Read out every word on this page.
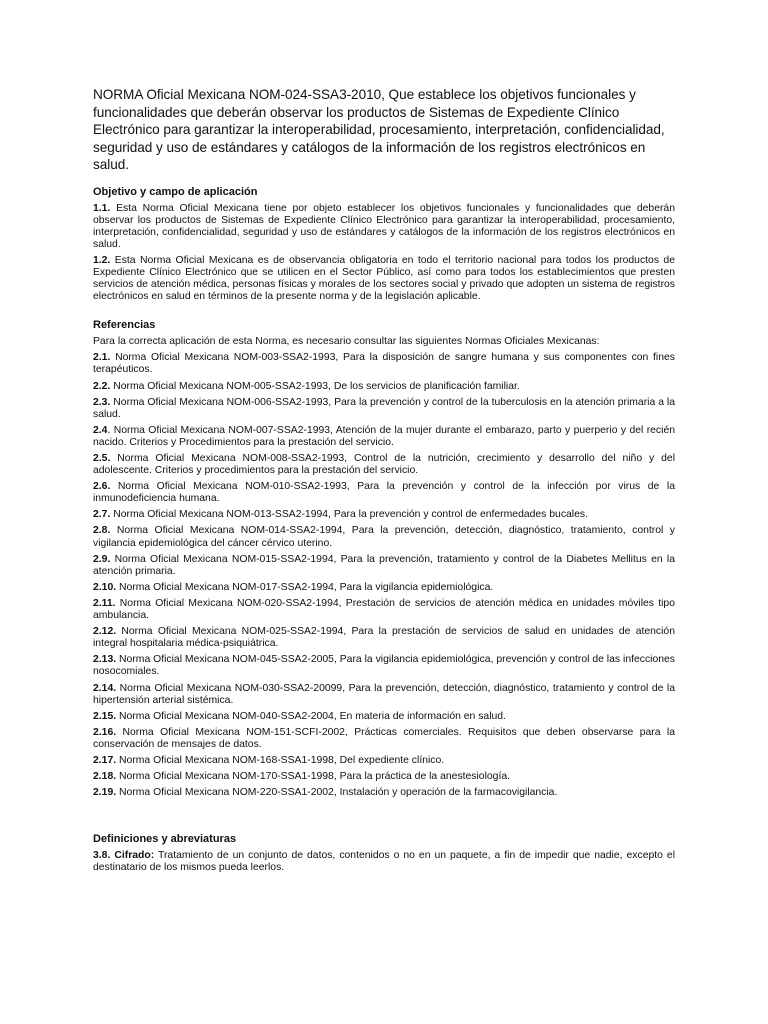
NORMA Oficial Mexicana NOM-024-SSA3-2010, Que establece los objetivos funcionales y funcionalidades que deberán observar los productos de Sistemas de Expediente Clínico Electrónico para garantizar la interoperabilidad, procesamiento, interpretación, confidencialidad, seguridad y uso de estándares y catálogos de la información de los registros electrónicos en salud.

Objetivo y campo de aplicación

1.1. Esta Norma Oficial Mexicana tiene por objeto establecer los objetivos funcionales y funcionalidades que deberán observar los productos de Sistemas de Expediente Clínico Electrónico para garantizar la interoperabilidad, procesamiento, interpretación, confidencialidad, seguridad y uso de estándares y catálogos de la información de los registros electrónicos en salud.

1.2. Esta Norma Oficial Mexicana es de observancia obligatoria en todo el territorio nacional para todos los productos de Expediente Clínico Electrónico que se utilicen en el Sector Público, así como para todos los establecimientos que presten servicios de atención médica, personas físicas y morales de los sectores social y privado que adopten un sistema de registros electrónicos en salud en términos de la presente norma y de la legislación aplicable.

Referencias

Para la correcta aplicación de esta Norma, es necesario consultar las siguientes Normas Oficiales Mexicanas:

2.1. Norma Oficial Mexicana NOM-003-SSA2-1993, Para la disposición de sangre humana y sus componentes con fines terapéuticos.

2.2. Norma Oficial Mexicana NOM-005-SSA2-1993, De los servicios de planificación familiar.

2.3. Norma Oficial Mexicana NOM-006-SSA2-1993, Para la prevención y control de la tuberculosis en la atención primaria a la salud.

2.4. Norma Oficial Mexicana NOM-007-SSA2-1993, Atención de la mujer durante el embarazo, parto y puerperio y del recién nacido. Criterios y Procedimientos para la prestación del servicio.

2.5. Norma Oficial Mexicana NOM-008-SSA2-1993, Control de la nutrición, crecimiento y desarrollo del niño y del adolescente. Criterios y procedimientos para la prestación del servicio.

2.6. Norma Oficial Mexicana NOM-010-SSA2-1993, Para la prevención y control de la infección por virus de la inmunodeficiencia humana.

2.7. Norma Oficial Mexicana NOM-013-SSA2-1994, Para la prevención y control de enfermedades bucales.

2.8. Norma Oficial Mexicana NOM-014-SSA2-1994, Para la prevención, detección, diagnóstico, tratamiento, control y vigilancia epidemiológica del cáncer cérvico uterino.

2.9. Norma Oficial Mexicana NOM-015-SSA2-1994, Para la prevención, tratamiento y control de la Diabetes Mellitus en la atención primaria.

2.10. Norma Oficial Mexicana NOM-017-SSA2-1994, Para la vigilancia epidemiológica.

2.11. Norma Oficial Mexicana NOM-020-SSA2-1994, Prestación de servicios de atención médica en unidades móviles tipo ambulancia.

2.12. Norma Oficial Mexicana NOM-025-SSA2-1994, Para la prestación de servicios de salud en unidades de atención integral hospitalaria médica-psiquiátrica.

2.13. Norma Oficial Mexicana NOM-045-SSA2-2005, Para la vigilancia epidemiológica, prevención y control de las infecciones nosocomiales.

2.14. Norma Oficial Mexicana NOM-030-SSA2-20099, Para la prevención, detección, diagnóstico, tratamiento y control de la hipertensión arterial sistémica.

2.15. Norma Oficial Mexicana NOM-040-SSA2-2004, En materia de información en salud.

2.16. Norma Oficial Mexicana NOM-151-SCFI-2002, Prácticas comerciales. Requisitos que deben observarse para la conservación de mensajes de datos.

2.17. Norma Oficial Mexicana NOM-168-SSA1-1998, Del expediente clínico.

2.18. Norma Oficial Mexicana NOM-170-SSA1-1998, Para la práctica de la anestesiología.

2.19. Norma Oficial Mexicana NOM-220-SSA1-2002, Instalación y operación de la farmacovigilancia.

Definiciones y abreviaturas

3.8. Cifrado: Tratamiento de un conjunto de datos, contenidos o no en un paquete, a fin de impedir que nadie, excepto el destinatario de los mismos pueda leerlos.
